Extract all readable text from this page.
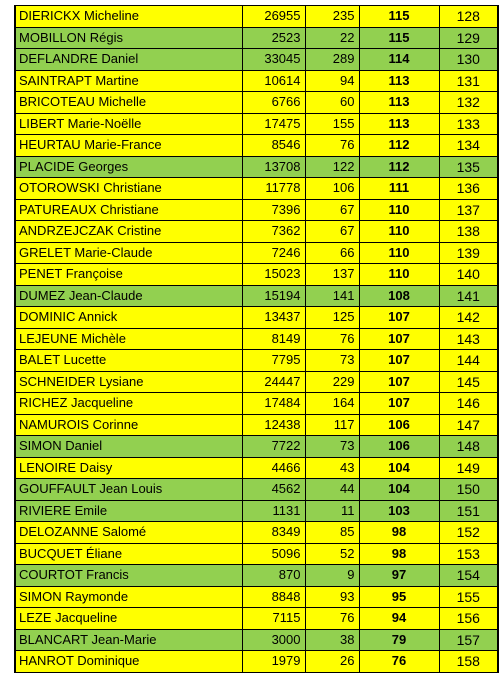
DIERICKX Micheline	26955	235	115	128
MOBILLON Régis	2523	22	115	129
DEFLANDRE Daniel	33045	289	114	130
SAINTRAPT Martine	10614	94	113	131
BRICOTEAU Michelle	6766	60	113	132
LIBERT Marie-Noëlle	17475	155	113	133
HEURTAU Marie-France	8546	76	112	134
PLACIDE Georges	13708	122	112	135
OTOROWSKI Christiane	11778	106	111	136
PATUREAUX Christiane	7396	67	110	137
ANDRZEJCZAK Cristine	7362	67	110	138
GRELET Marie-Claude	7246	66	110	139
PENET Françoise	15023	137	110	140
DUMEZ Jean-Claude	15194	141	108	141
DOMINIC Annick	13437	125	107	142
LEJEUNE Michèle	8149	76	107	143
BALET Lucette	7795	73	107	144
SCHNEIDER Lysiane	24447	229	107	145
RICHEZ Jacqueline	17484	164	107	146
NAMUROIS Corinne	12438	117	106	147
SIMON Daniel	7722	73	106	148
LENOIRE Daisy	4466	43	104	149
GOUFFAULT Jean Louis	4562	44	104	150
RIVIERE Emile	1131	11	103	151
DELOZANNE Salomé	8349	85	98	152
BUCQUET Éliane	5096	52	98	153
COURTOT Francis	870	9	97	154
SIMON Raymonde	8848	93	95	155
LEZE Jacqueline	7115	76	94	156
BLANCART Jean-Marie	3000	38	79	157
HANROT Dominique	1979	26	76	158
